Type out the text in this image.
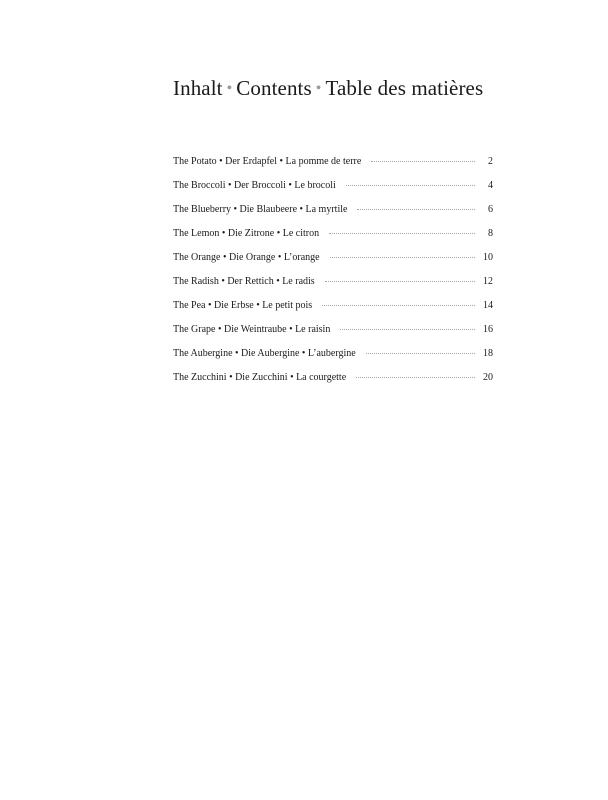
Inhalt • Contents • Table des matières
The Potato • Der Erdapfel • La pomme de terre	2
The Broccoli • Der Broccoli • Le brocoli	4
The Blueberry • Die Blaubeere • La myrtile	6
The Lemon • Die Zitrone • Le citron	8
The Orange • Die Orange • L’orange	10
The Radish • Der Rettich • Le radis	12
The Pea • Die Erbse • Le petit pois	14
The Grape • Die Weintraube • Le raisin	16
The Aubergine • Die Aubergine • L’aubergine	18
The Zucchini • Die Zucchini • La courgette	20
